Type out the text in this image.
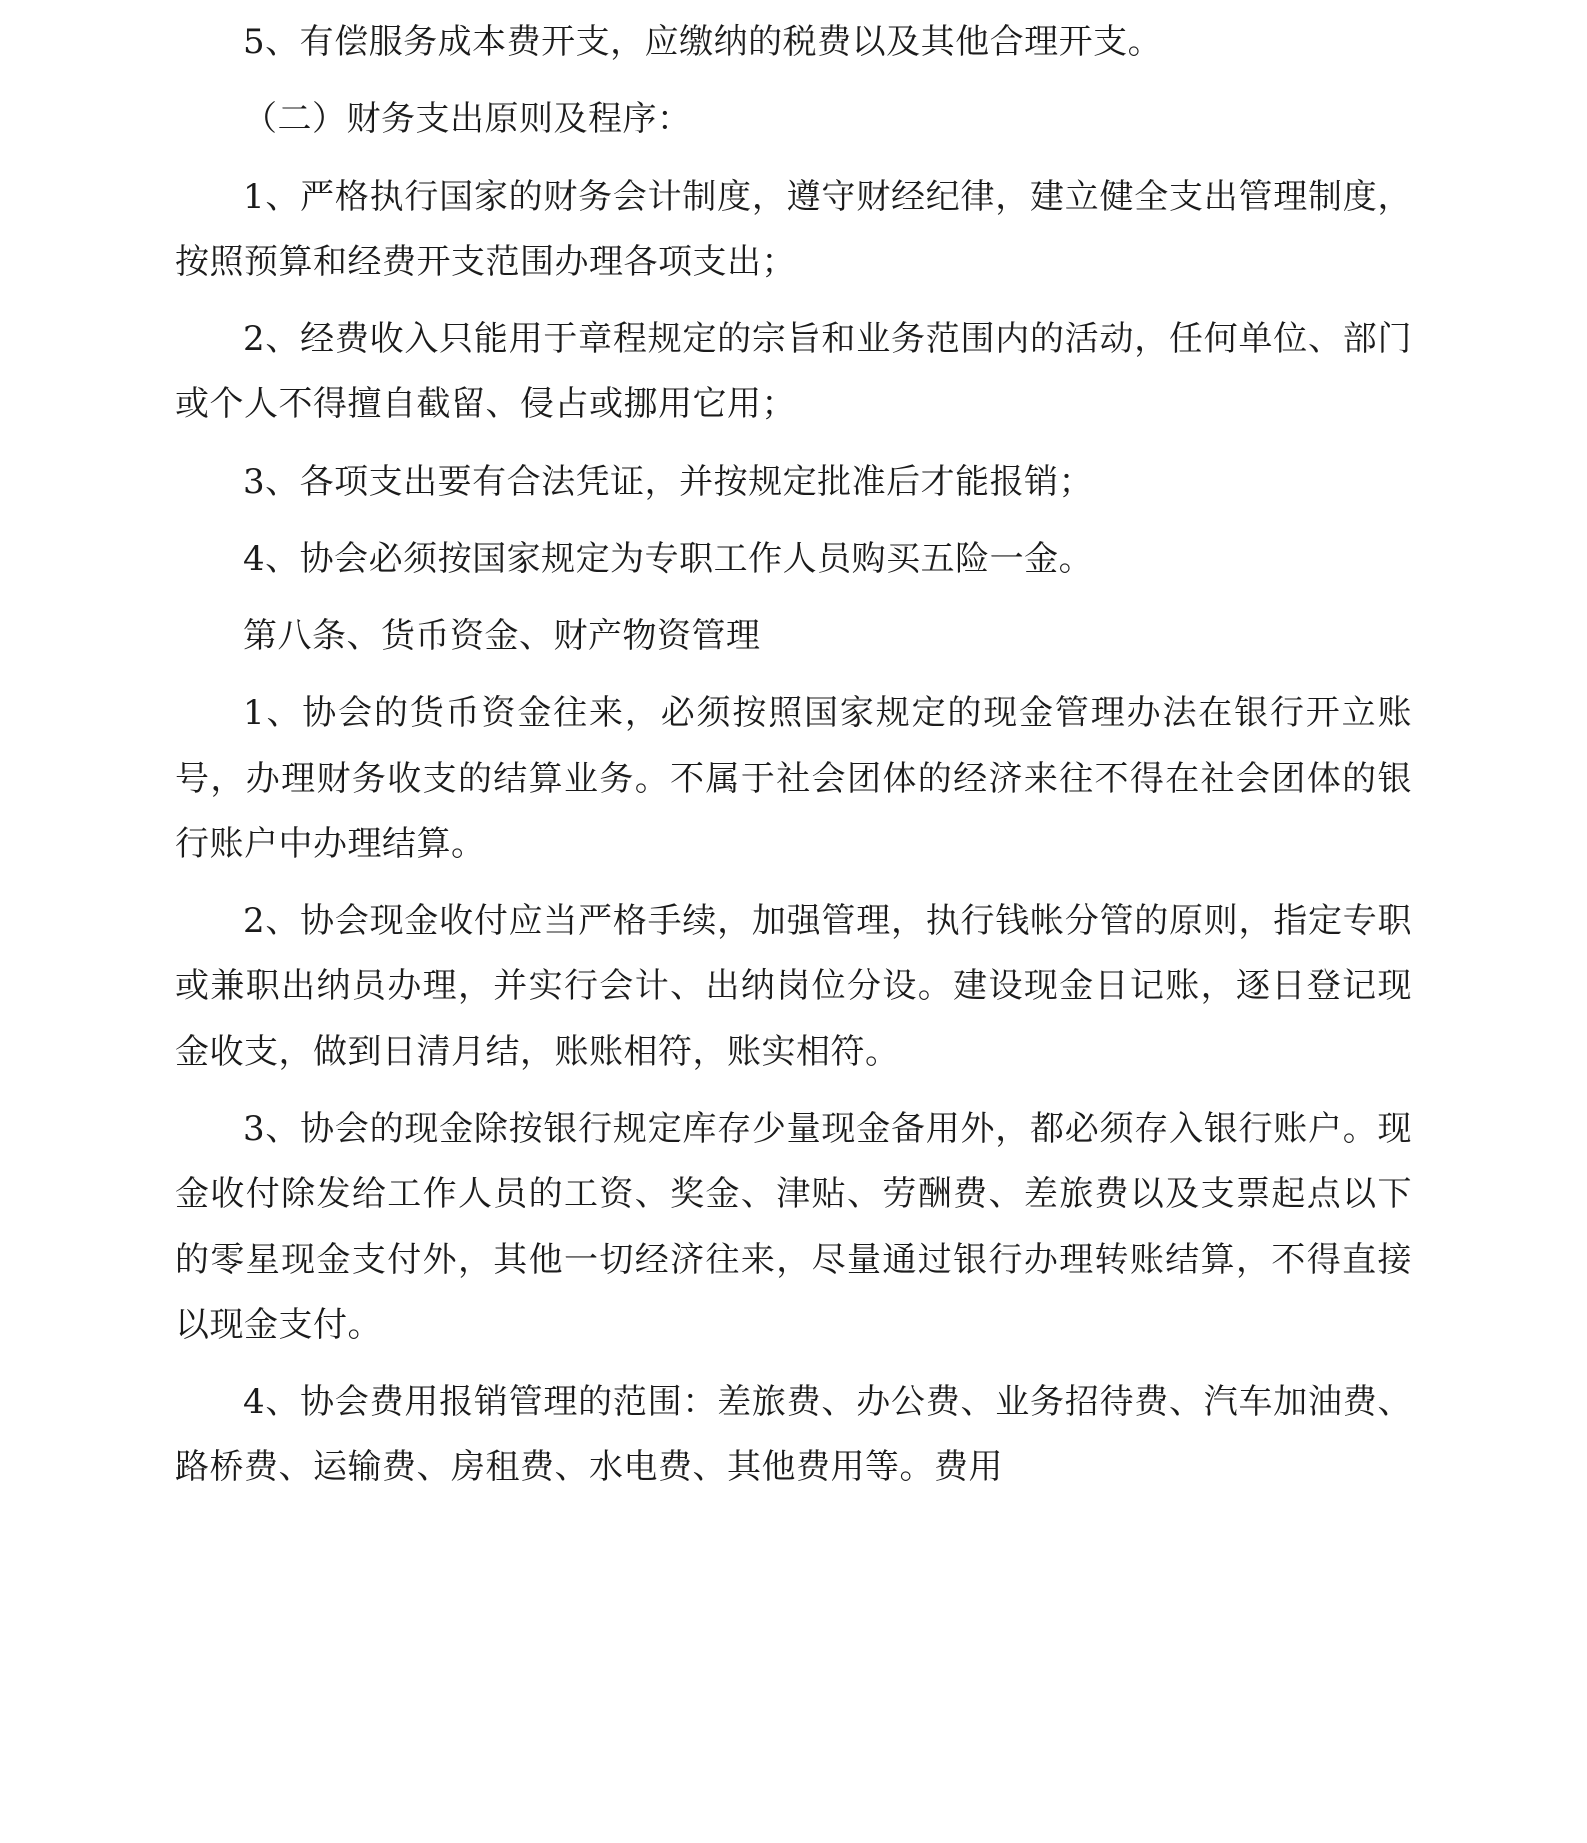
5、有偿服务成本费开支，应缴纳的税费以及其他合理开支。

（二）财务支出原则及程序：

1、严格执行国家的财务会计制度，遵守财经纪律，建立健全支出管理制度，按照预算和经费开支范围办理各项支出；

2、经费收入只能用于章程规定的宗旨和业务范围内的活动，任何单位、部门或个人不得擅自截留、侵占或挪用它用；

3、各项支出要有合法凭证，并按规定批准后才能报销；

4、协会必须按国家规定为专职工作人员购买五险一金。

第八条、货币资金、财产物资管理

1、协会的货币资金往来，必须按照国家规定的现金管理办法在银行开立账号，办理财务收支的结算业务。不属于社会团体的经济来往不得在社会团体的银行账户中办理结算。

2、协会现金收付应当严格手续，加强管理，执行钱帐分管的原则，指定专职或兼职出纳员办理，并实行会计、出纳岗位分设。建设现金日记账，逐日登记现金收支，做到日清月结，账账相符，账实相符。

3、协会的现金除按银行规定库存少量现金备用外，都必须存入银行账户。现金收付除发给工作人员的工资、奖金、津贴、劳酬费、差旅费以及支票起点以下的零星现金支付外，其他一切经济往来，尽量通过银行办理转账结算，不得直接以现金支付。

4、协会费用报销管理的范围：差旅费、办公费、业务招待费、汽车加油费、路桥费、运输费、房租费、水电费、其他费用等。费用
